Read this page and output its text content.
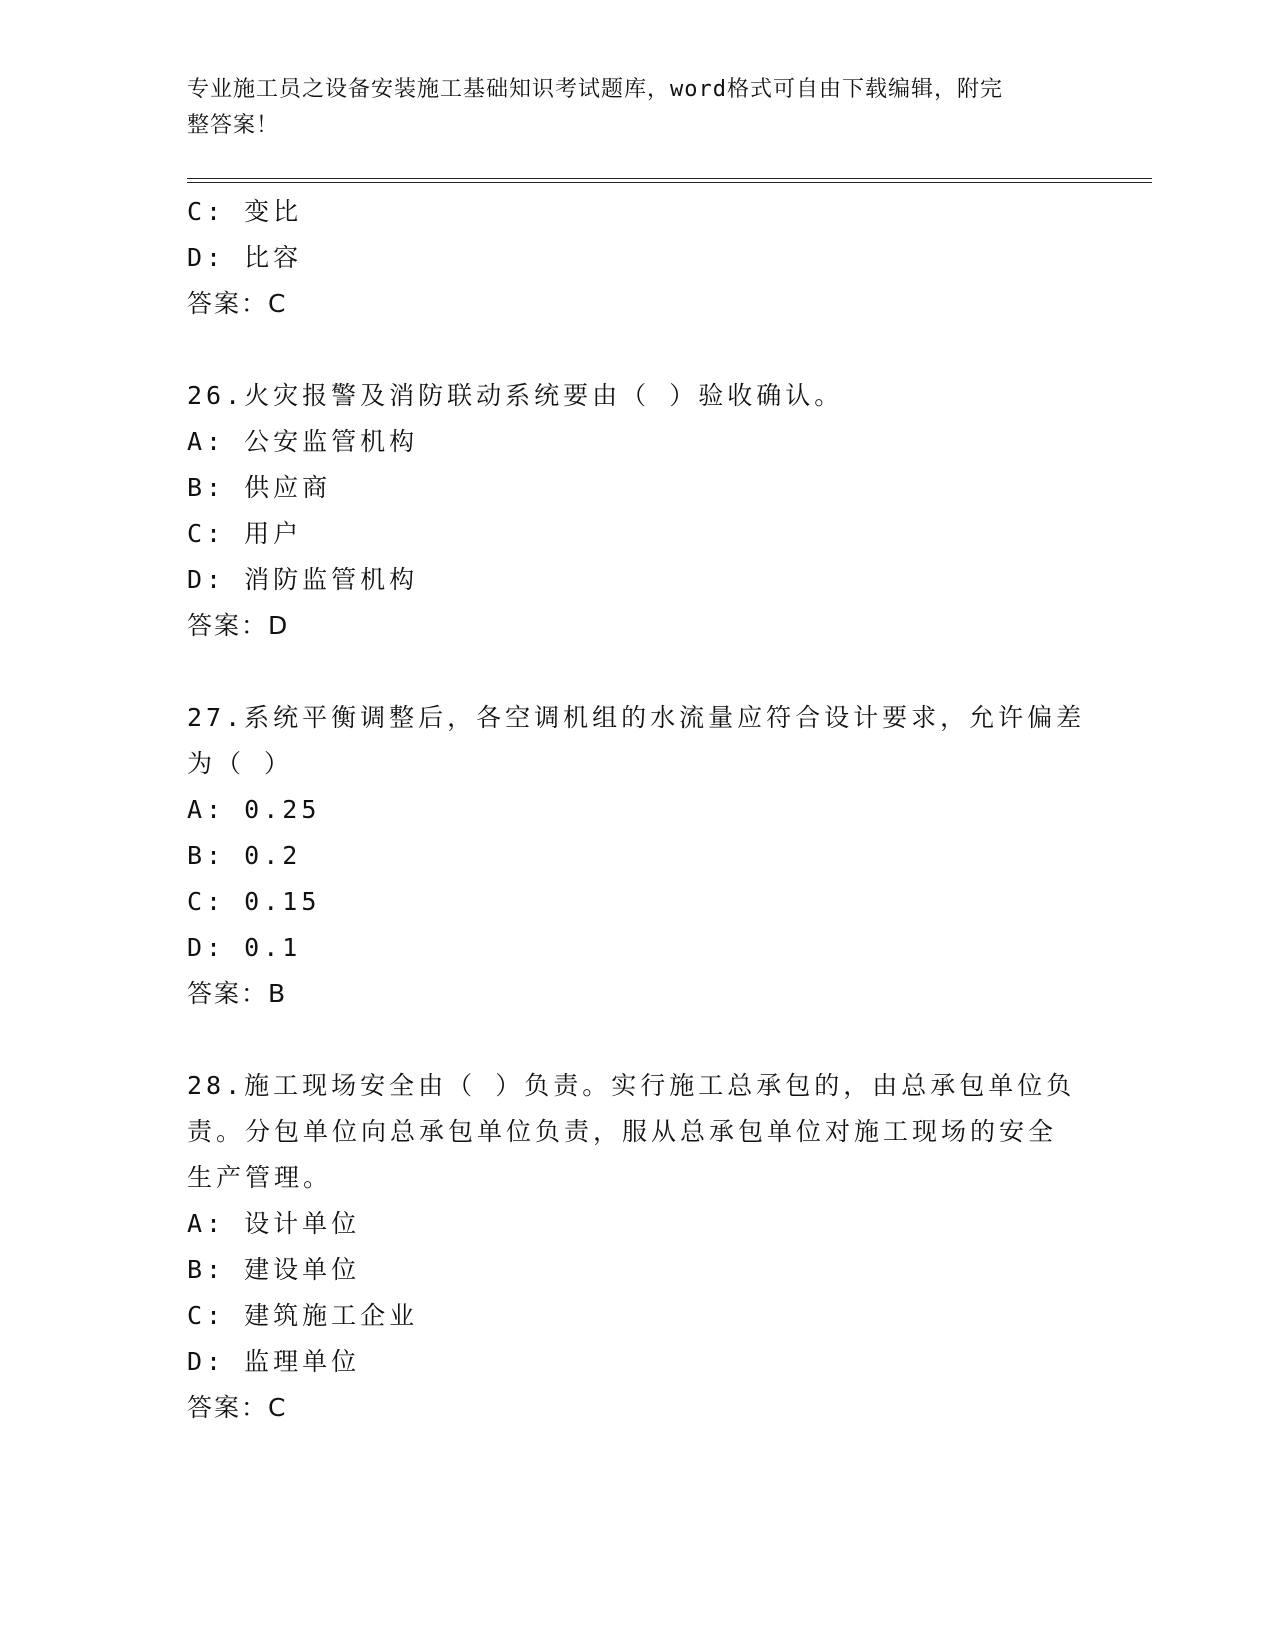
专业施工员之设备安装施工基础知识考试题库，word格式可自由下载编辑，附完
整答案！
C: 变比
D: 比容
答案：C
26.火灾报警及消防联动系统要由（ ）验收确认。
A: 公安监管机构
B: 供应商
C: 用户
D: 消防监管机构
答案：D
27.系统平衡调整后，各空调机组的水流量应符合设计要求，允许偏差
为（ ）
A: 0.25
B: 0.2
C: 0.15
D: 0.1
答案：B
28.施工现场安全由（ ）负责。实行施工总承包的，由总承包单位负
责。分包单位向总承包单位负责，服从总承包单位对施工现场的安全
生产管理。
A: 设计单位
B: 建设单位
C: 建筑施工企业
D: 监理单位
答案：C
